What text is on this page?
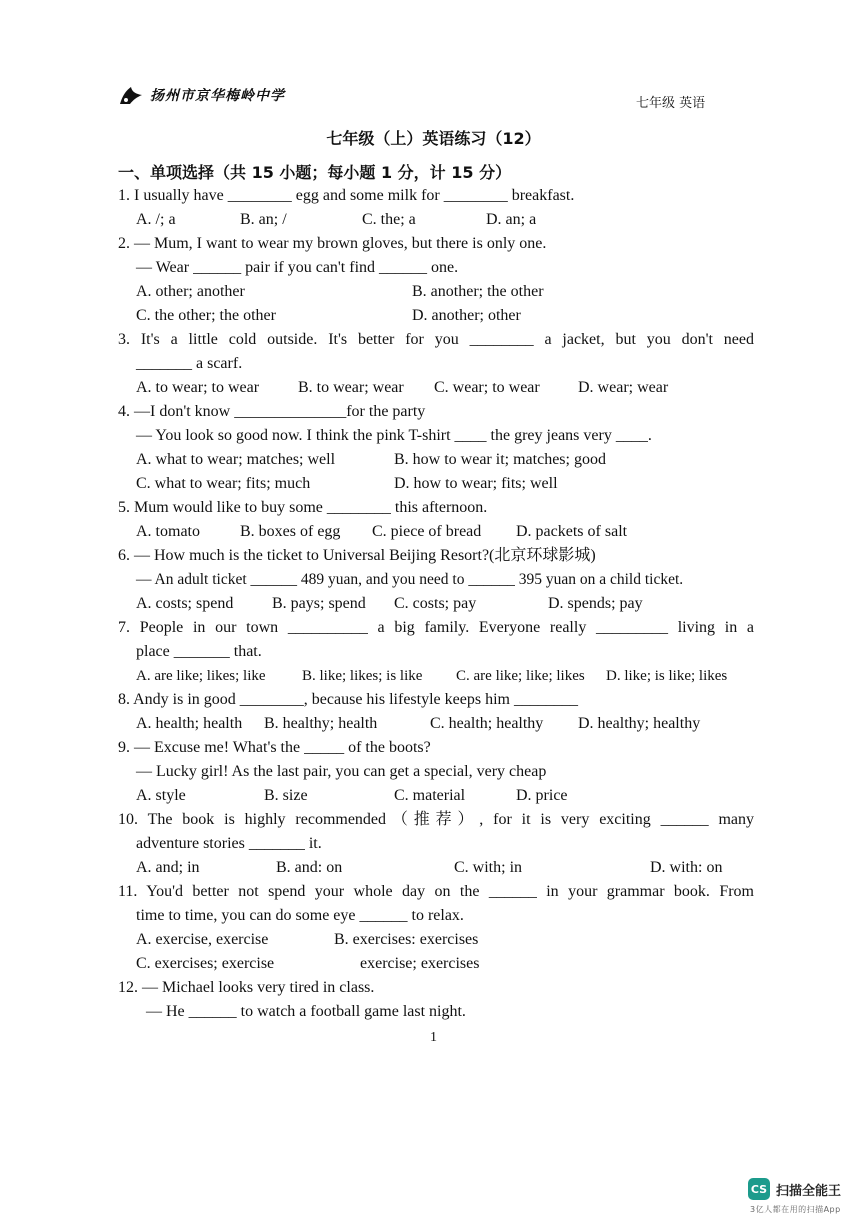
扬州市京华梅岭中学	七年级 英语
七年级（上）英语练习（12）
一、单项选择（共 15 小题；每小题 1 分，计 15 分）
1. I usually have ________ egg and some milk for ________ breakfast.
A. /; a	B. an; /	C. the; a	D. an; a
2. — Mum, I want to wear my brown gloves, but there is only one.
— Wear ______ pair if you can't find ______ one.
A. other; another	B. another; the other
C. the other; the other	D. another; other
3. It's a little cold outside. It's better for you ________ a jacket, but you don't need
_______ a scarf.
A. to wear; to wear B. to wear; wear C. wear; to wear D. wear; wear
4. —I don't know ______________for the party
— You look so good now. I think the pink T-shirt ____ the grey jeans very ____.
A. what to wear; matches; well	B. how to wear it; matches; good
C. what to wear; fits; much	D. how to wear; fits; well
5. Mum would like to buy some ________ this afternoon.
A. tomato	B. boxes of egg C. piece of bread D. packets of salt
6. — How much is the ticket to Universal Beijing Resort?(北京环球影城)
— An adult ticket ______ 489 yuan, and you need to ______ 395 yuan on a child ticket.
A. costs; spend B. pays; spend C. costs; pay	D. spends; pay
7. People in our town __________ a big family. Everyone really _________ living in a
place _______ that.
A. are like; likes; like B. like; likes; is like C. are like; like; likes D. like; is like; likes
8. Andy is in good ________, because his lifestyle keeps him ________
A. health; health B. healthy; health	C. health; healthy D. healthy; healthy
9. — Excuse me! What's the _____ of the boots?
— Lucky girl! As the last pair, you can get a special, very cheap
A. style	B. size	C. material	D. price
10. The book is highly recommended（推荐）, for it is very exciting ______ many
adventure stories _______ it.
A. and; in	B. and: on	C. with; in	D. with: on
11. You'd better not spend your whole day on the ______ in your grammar book. From
time to time, you can do some eye ______ to relax.
A. exercise, exercise	B. exercises: exercises
C. exercises; exercise	exercise; exercises
12. — Michael looks very tired in class.
— He ______ to watch a football game last night.
1
CS 扫描全能王
3亿人都在用的扫描App
